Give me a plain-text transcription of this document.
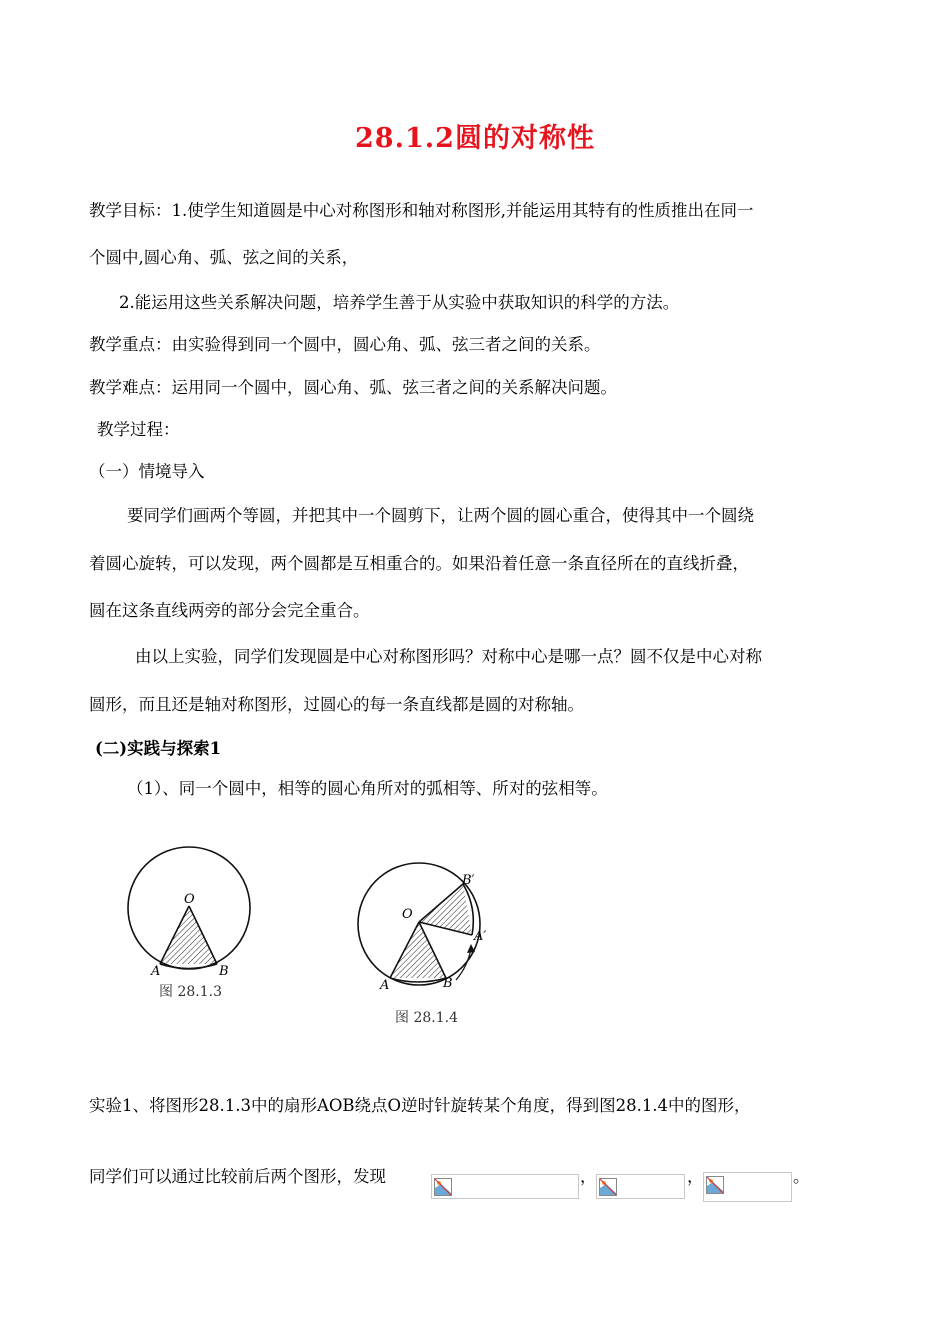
28.1.2圆的对称性
教学目标：1.使学生知道圆是中心对称图形和轴对称图形,并能运用其特有的性质推出在同一
个圆中,圆心角、弧、弦之间的关系，
2.能运用这些关系解决问题，培养学生善于从实验中获取知识的科学的方法。
教学重点：由实验得到同一个圆中，圆心角、弧、弦三者之间的关系。
教学难点：运用同一个圆中，圆心角、弧、弦三者之间的关系解决问题。
教学过程：
（一）情境导入
要同学们画两个等圆，并把其中一个圆剪下，让两个圆的圆心重合，使得其中一个圆绕
着圆心旋转，可以发现，两个圆都是互相重合的。如果沿着任意一条直径所在的直线折叠，
圆在这条直线两旁的部分会完全重合。
由以上实验，同学们发现圆是中心对称图形吗？对称中心是哪一点？圆不仅是中心对称
圆形，而且还是轴对称图形，过圆心的每一条直线都是圆的对称轴。
(二)实践与探索1
（1）、同一个圆中，相等的圆心角所对的弧相等、所对的弦相等。
O
A	B
图 28.1.3
O
A	B
A′
B′
图 28.1.4
实验1、将图形28.1.3中的扇形AOB绕点O逆时针旋转某个角度，得到图28.1.4中的图形，
同学们可以通过比较前后两个图形，发现	，	，	。
